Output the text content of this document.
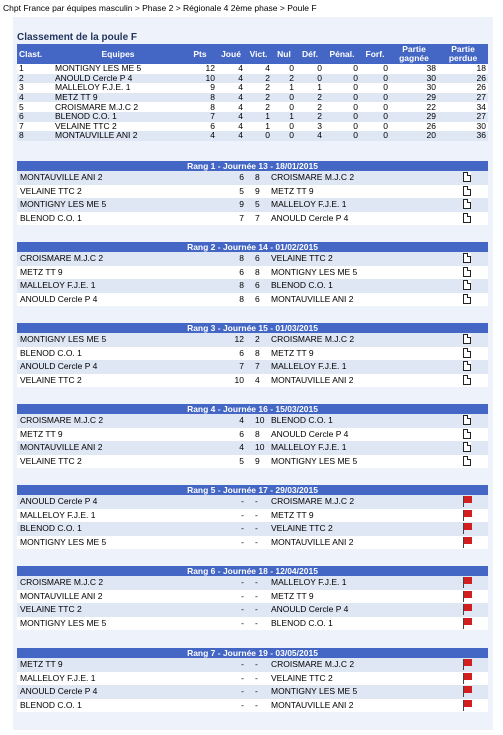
Chpt France par équipes masculin > Phase 2 > Régionale 4 2ème phase > Poule F
Classement de la poule F
Clast.	Equipes	Pts	Joué	Vict.	Nul	Déf.	Pénal.	Forf.	Partie gagnée	Partie perdue
1	MONTIGNY LES ME 5	12	4	4	0	0	0	0	38	18
2	ANOULD Cercle P 4	10	4	2	2	0	0	0	30	26
3	MALLELOY F.J.E. 1	9	4	2	1	1	0	0	30	26
4	METZ TT 9	8	4	2	0	2	0	0	29	27
5	CROISMARE M.J.C 2	8	4	2	0	2	0	0	22	34
6	BLENOD C.O. 1	7	4	1	1	2	0	0	29	27
7	VELAINE TTC 2	6	4	1	0	3	0	0	26	30
8	MONTAUVILLE ANI 2	4	4	0	0	4	0	0	20	36
Rang 1 - Journée 13 - 18/01/2015
MONTAUVILLE ANI 2	6 8	CROISMARE M.J.C 2
VELAINE TTC 2	5 9	METZ TT 9
MONTIGNY LES ME 5	9 5	MALLELOY F.J.E. 1
BLENOD C.O. 1	7 7	ANOULD Cercle P 4
Rang 2 - Journée 14 - 01/02/2015
CROISMARE M.J.C 2	8 6	VELAINE TTC 2
METZ TT 9	6 8	MONTIGNY LES ME 5
MALLELOY F.J.E. 1	8 6	BLENOD C.O. 1
ANOULD Cercle P 4	8 6	MONTAUVILLE ANI 2
Rang 3 - Journée 15 - 01/03/2015
MONTIGNY LES ME 5	12 2	CROISMARE M.J.C 2
BLENOD C.O. 1	6 8	METZ TT 9
ANOULD Cercle P 4	7 7	MALLELOY F.J.E. 1
VELAINE TTC 2	10 4	MONTAUVILLE ANI 2
Rang 4 - Journée 16 - 15/03/2015
CROISMARE M.J.C 2	4 10 BLENOD C.O. 1
METZ TT 9	6 8	ANOULD Cercle P 4
MONTAUVILLE ANI 2	4 10 MALLELOY F.J.E. 1
VELAINE TTC 2	5 9	MONTIGNY LES ME 5
Rang 5 - Journée 17 - 29/03/2015
ANOULD Cercle P 4	- -	CROISMARE M.J.C 2
MALLELOY F.J.E. 1	- -	METZ TT 9
BLENOD C.O. 1	- -	VELAINE TTC 2
MONTIGNY LES ME 5	- -	MONTAUVILLE ANI 2
Rang 6 - Journée 18 - 12/04/2015
CROISMARE M.J.C 2	- -	MALLELOY F.J.E. 1
MONTAUVILLE ANI 2	- -	METZ TT 9
VELAINE TTC 2	- -	ANOULD Cercle P 4
MONTIGNY LES ME 5	- -	BLENOD C.O. 1
Rang 7 - Journée 19 - 03/05/2015
METZ TT 9	- -	CROISMARE M.J.C 2
MALLELOY F.J.E. 1	- -	VELAINE TTC 2
ANOULD Cercle P 4	- -	MONTIGNY LES ME 5
BLENOD C.O. 1	- -	MONTAUVILLE ANI 2
